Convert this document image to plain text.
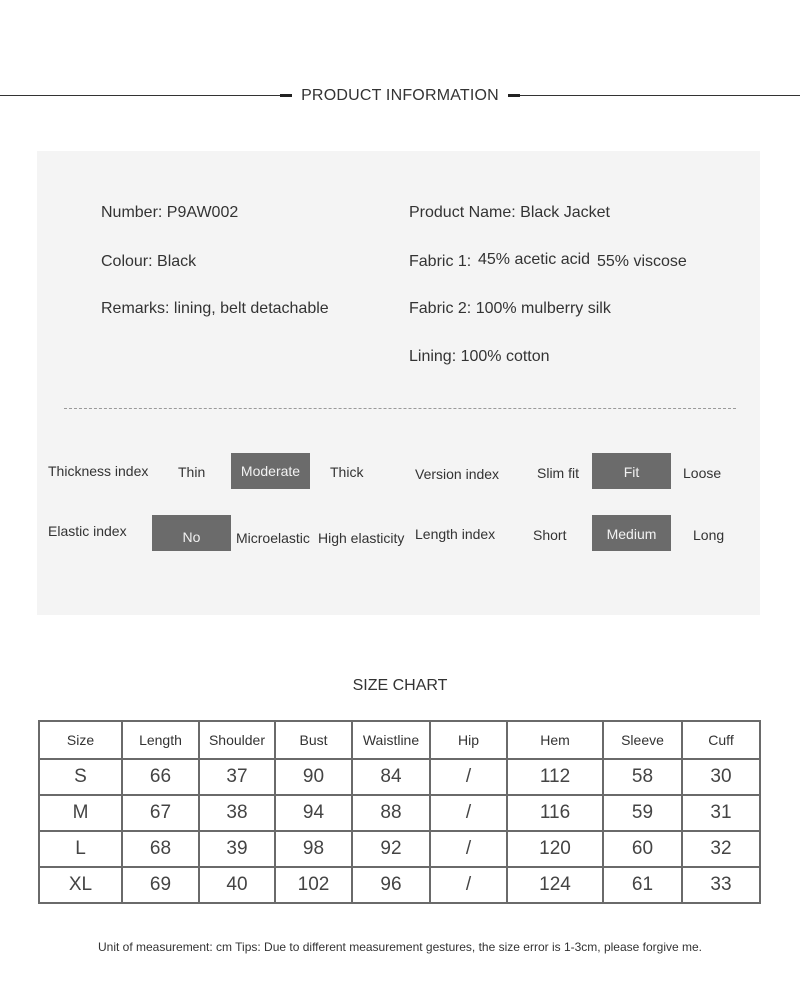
PRODUCT INFORMATION
Number: P9AW002	Product Name: Black Jacket
Colour: Black	Fabric 1: 45% acetic acid 55% viscose
Remarks: lining, belt detachable	Fabric 2: 100% mulberry silk
Lining: 100% cotton
Thickness index Thin	Moderate	Thick	Version index	Slim fit	Fit	Loose
Elastic index	No	Microelastic High elasticity Length index	Short	Medium	Long
SIZE CHART
Size	Length	Shoulder	Bust	Waistline	Hip	Hem	Sleeve	Cuff
S	66	37	90	84	/	112	58	30
M	67	38	94	88	/	116	59	31
L	68	39	98	92	/	120	60	32
XL	69	40	102	96	/	124	61	33
Unit of measurement: cm Tips: Due to different measurement gestures, the size error is 1-3cm, please forgive me.
